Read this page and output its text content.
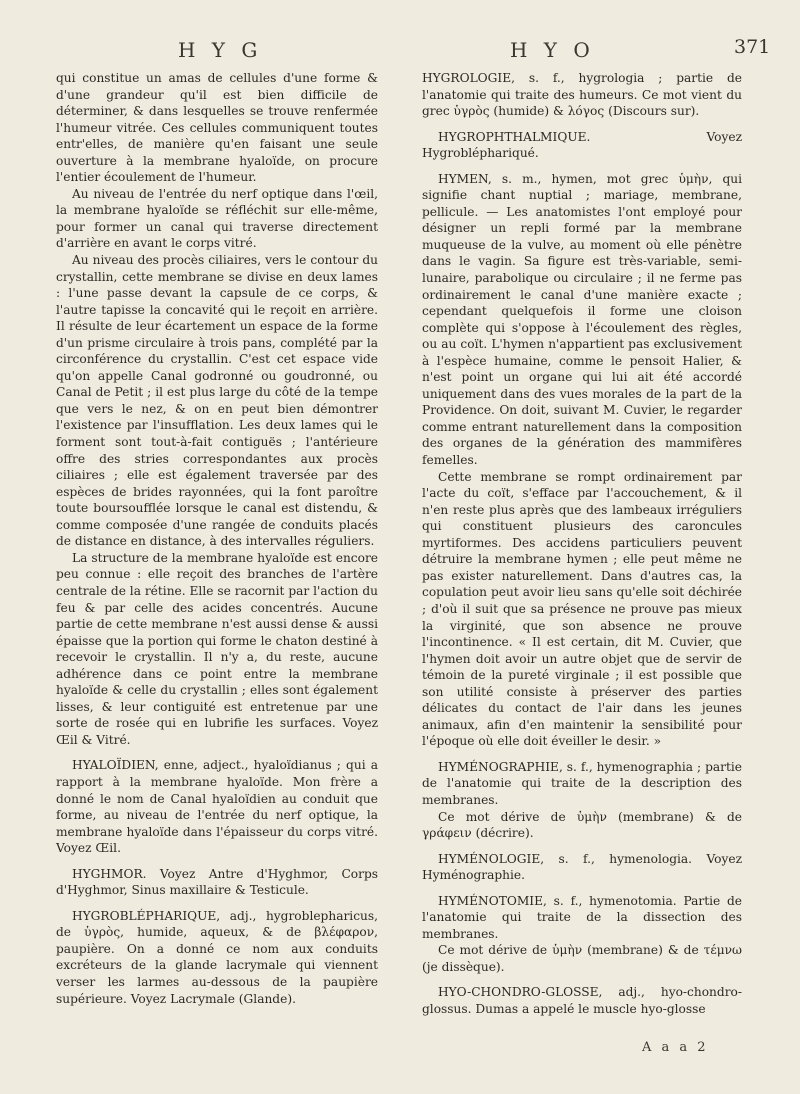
H Y G	H Y O	371

qui constitue un amas de cellules d'une forme & d'une grandeur qu'il est bien difficile de déterminer, & dans lesquelles se trouve renfermée l'humeur vitrée. Ces cellules communiquent toutes entr'elles, de manière qu'en faisant une seule ouverture à la membrane hyaloïde, on procure l'entier écoulement de l'humeur.

Au niveau de l'entrée du nerf optique dans l'œil, la membrane hyaloïde se réfléchit sur elle-même, pour former un canal qui traverse directement d'arrière en avant le corps vitré.

Au niveau des procès ciliaires, vers le contour du crystallin, cette membrane se divise en deux lames : l'une passe devant la capsule de ce corps, & l'autre tapisse la concavité qui le reçoit en arrière. Il résulte de leur écartement un espace de la forme d'un prisme circulaire à trois pans, complété par la circonférence du crystallin. C'est cet espace vide qu'on appelle Canal godronné ou goudronné, ou Canal de Petit ; il est plus large du côté de la tempe que vers le nez, & on en peut bien démontrer l'existence par l'insufflation. Les deux lames qui le forment sont tout-à-fait contiguës ; l'antérieure offre des stries correspondantes aux procès ciliaires ; elle est également traversée par des espèces de brides rayonnées, qui la font paroître toute boursoufflée lorsque le canal est distendu, & comme composée d'une rangée de conduits placés de distance en distance, à des intervalles réguliers.

La structure de la membrane hyaloïde est encore peu connue : elle reçoit des branches de l'artère centrale de la rétine. Elle se racornit par l'action du feu & par celle des acides concentrés. Aucune partie de cette membrane n'est aussi dense & aussi épaisse que la portion qui forme le chaton destiné à recevoir le crystallin. Il n'y a, du reste, aucune adhérence dans ce point entre la membrane hyaloïde & celle du crystallin ; elles sont également lisses, & leur contiguité est entretenue par une sorte de rosée qui en lubrifie les surfaces. Voyez Œil & Vitré.

HYALOÏDIEN, enne, adject., hyaloïdianus ; qui a rapport à la membrane hyaloïde. Mon frère a donné le nom de Canal hyaloïdien au conduit que forme, au niveau de l'entrée du nerf optique, la membrane hyaloïde dans l'épaisseur du corps vitré. Voyez Œil.

HYGHMOR. Voyez Antre d'Hyghmor, Corps d'Hyghmor, Sinus maxillaire & Testicule.

HYGROBLÉPHARIQUE, adj., hygroblepharicus, de ὑγρὸς, humide, aqueux, & de βλέφαρον, paupière. On a donné ce nom aux conduits excréteurs de la glande lacrymale qui viennent verser les larmes au-dessous de la paupière supérieure. Voyez Lacrymale (Glande).

HYGROLOGIE, s. f., hygrologia ; partie de l'anatomie qui traite des humeurs. Ce mot vient du grec ὑγρὸς (humide) & λόγος (Discours sur).

HYGROPHTHALMIQUE. Voyez Hygrobléphariqué.

HYMEN, s. m., hymen, mot grec ὑμὴν, qui signifie chant nuptial ; mariage, membrane, pellicule. — Les anatomistes l'ont employé pour désigner un repli formé par la membrane muqueuse de la vulve, au moment où elle pénètre dans le vagin. Sa figure est très-variable, semi-lunaire, parabolique ou circulaire ; il ne ferme pas ordinairement le canal d'une manière exacte ; cependant quelquefois il forme une cloison complète qui s'oppose à l'écoulement des règles, ou au coït. L'hymen n'appartient pas exclusivement à l'espèce humaine, comme le pensoit Halier, & n'est point un organe qui lui ait été accordé uniquement dans des vues morales de la part de la Providence. On doit, suivant M. Cuvier, le regarder comme entrant naturellement dans la composition des organes de la génération des mammifères femelles.

Cette membrane se rompt ordinairement par l'acte du coït, s'efface par l'accouchement, & il n'en reste plus après que des lambeaux irréguliers qui constituent plusieurs des caroncules myrtiformes. Des accidens particuliers peuvent détruire la membrane hymen ; elle peut même ne pas exister naturellement. Dans d'autres cas, la copulation peut avoir lieu sans qu'elle soit déchirée ; d'où il suit que sa présence ne prouve pas mieux la virginité, que son absence ne prouve l'incontinence. « Il est certain, dit M. Cuvier, que l'hymen doit avoir un autre objet que de servir de témoin de la pureté virginale ; il est possible que son utilité consiste à préserver des parties délicates du contact de l'air dans les jeunes animaux, afin d'en maintenir la sensibilité pour l'époque où elle doit éveiller le desir. »

HYMÉNOGRAPHIE, s. f., hymenographia ; partie de l'anatomie qui traite de la description des membranes.

Ce mot dérive de ὑμὴν (membrane) & de γράφειν (décrire).

HYMÉNOLOGIE, s. f., hymenologia. Voyez Hyménographie.

HYMÉNOTOMIE, s. f., hymenotomia. Partie de l'anatomie qui traite de la dissection des membranes.

Ce mot dérive de ὑμὴν (membrane) & de τέμνω (je dissèque).

HYO-CHONDRO-GLOSSE, adj., hyo-chondro-glossus. Dumas a appelé le muscle hyo-glosse

A a a 2
